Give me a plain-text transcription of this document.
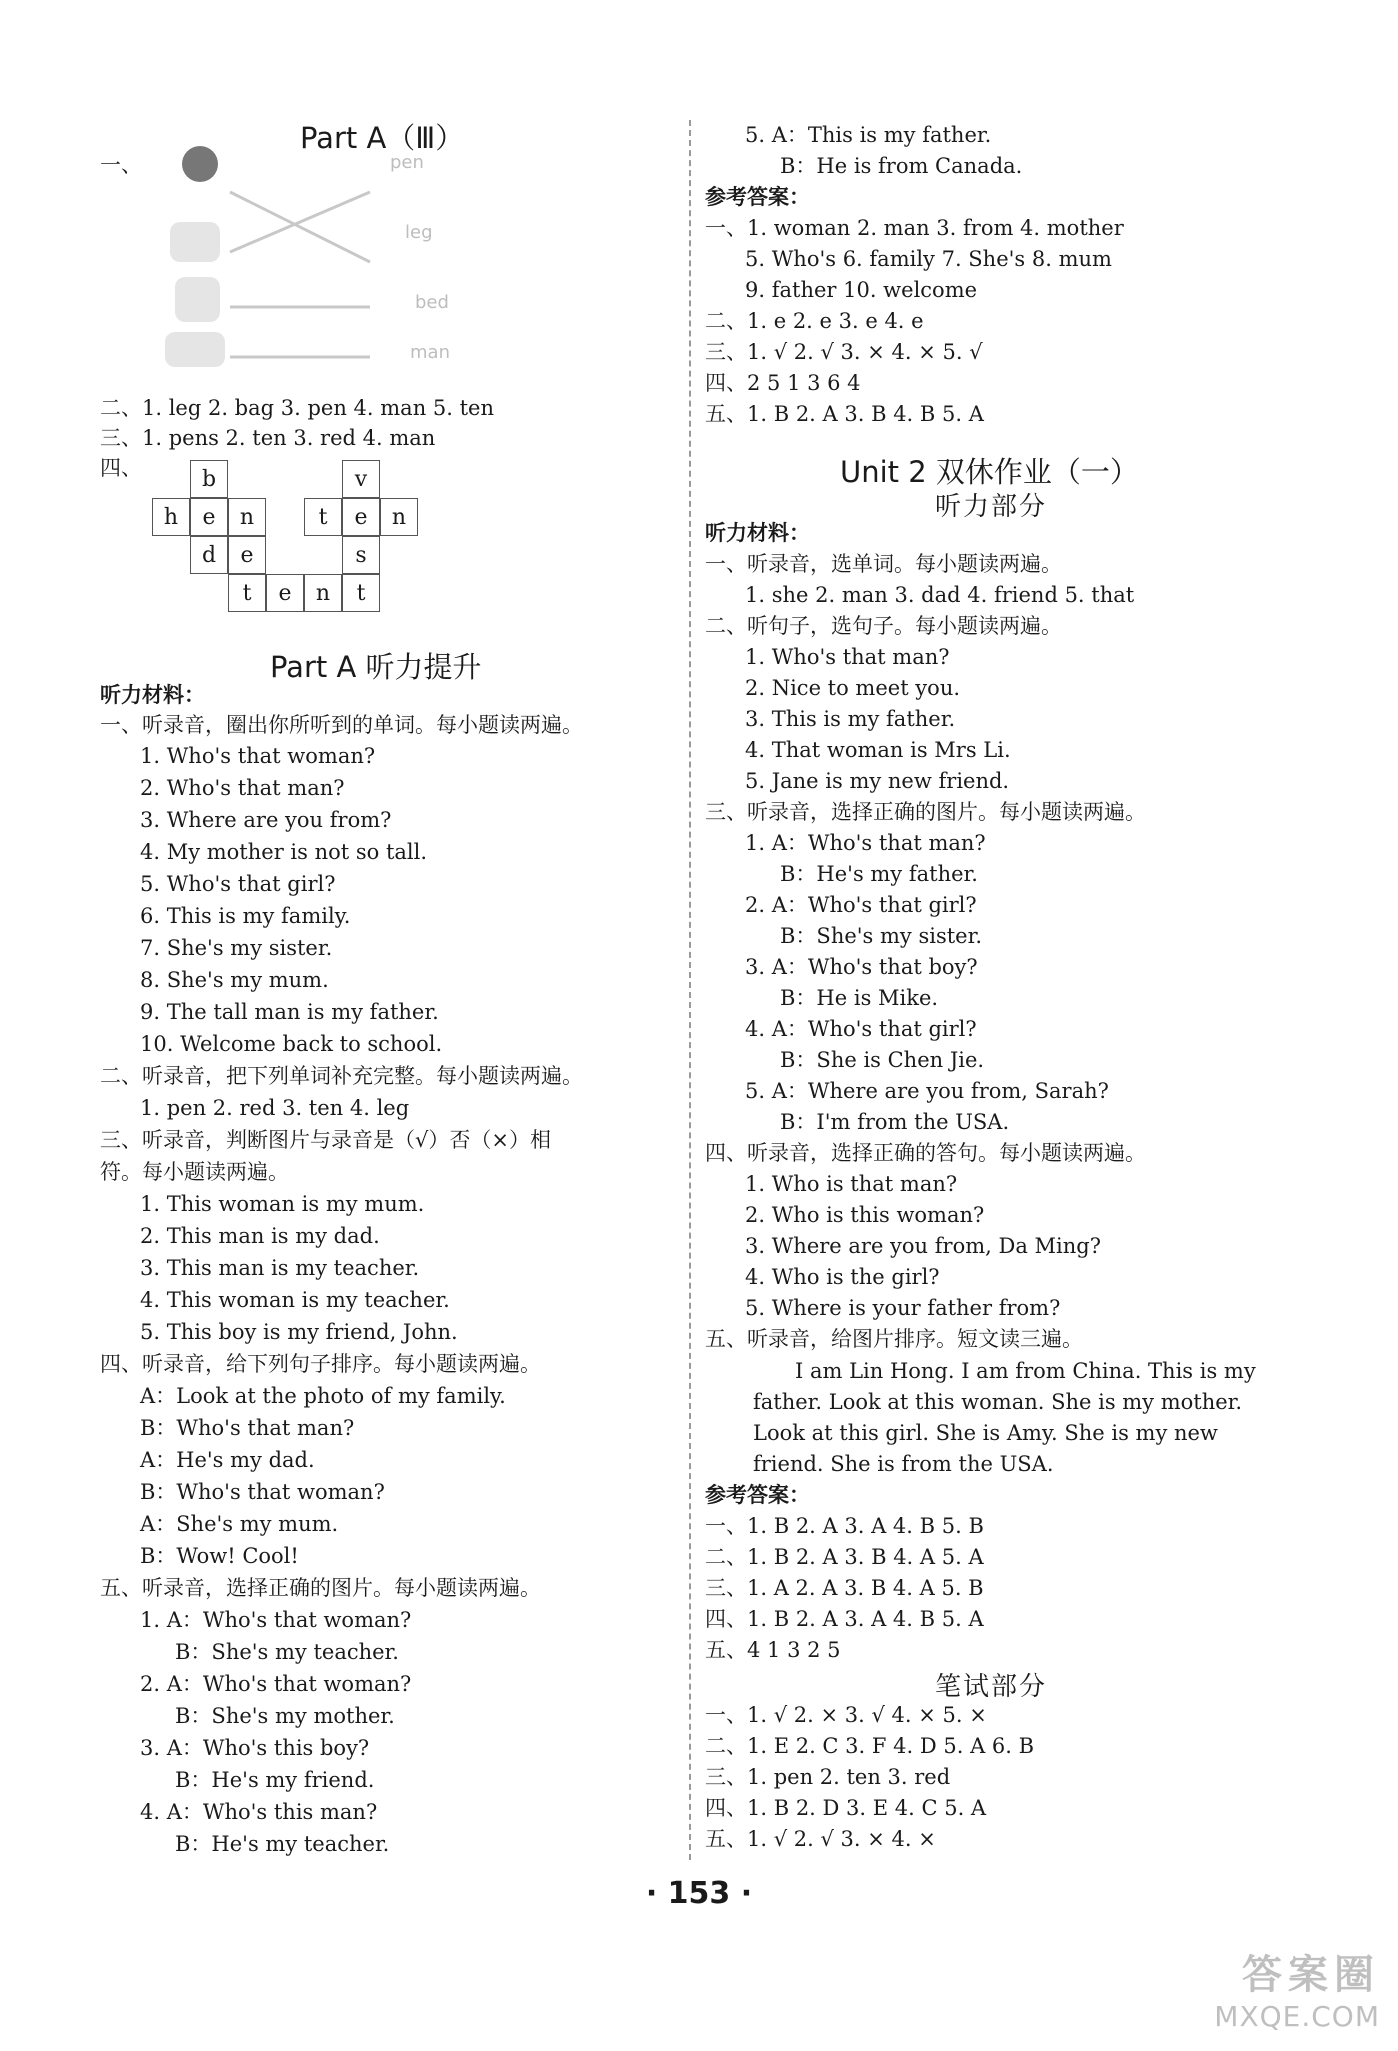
Part A（Ⅲ）
一、	pen
leg
bed
man
二、1. leg 2. bag 3. pen 4. man 5. ten
三、1. pens 2. ten 3. red 4. man
四、	b
h	e	n
d	e
t	e	n	t
v
t	e	n
s
Part A 听力提升
听力材料：
一、听录音，圈出你所听到的单词。每小题读两遍。
1. Who's that woman?
2. Who's that man?
3. Where are you from?
4. My mother is not so tall.
5. Who's that girl?
6. This is my family.
7. She's my sister.
8. She's my mum.
9. The tall man is my father.
10. Welcome back to school.
二、听录音，把下列单词补充完整。每小题读两遍。
1. pen 2. red 3. ten 4. leg
三、听录音，判断图片与录音是（√）否（×）相
符。每小题读两遍。
1. This woman is my mum.
2. This man is my dad.
3. This man is my teacher.
4. This woman is my teacher.
5. This boy is my friend, John.
四、听录音，给下列句子排序。每小题读两遍。
A：Look at the photo of my family.
B：Who's that man?
A：He's my dad.
B：Who's that woman?
A：She's my mum.
B：Wow! Cool!
五、听录音，选择正确的图片。每小题读两遍。
1. A：Who's that woman?
B：She's my teacher.
2. A：Who's that woman?
B：She's my mother.
3. A：Who's this boy?
B：He's my friend.
4. A：Who's this man?
B：He's my teacher.
5. A：This is my father.
B：He is from Canada.
参考答案：
一、1. woman 2. man 3. from 4. mother
5. Who's 6. family 7. She's 8. mum
9. father 10. welcome
二、1. e 2. e 3. e 4. e
三、1. √ 2. √ 3. × 4. × 5. √
四、2 5 1 3 6 4
五、1. B 2. A 3. B 4. B 5. A
Unit 2 双休作业（一）
听力部分
听力材料：
一、听录音，选单词。每小题读两遍。
1. she 2. man 3. dad 4. friend 5. that
二、听句子，选句子。每小题读两遍。
1. Who's that man?
2. Nice to meet you.
3. This is my father.
4. That woman is Mrs Li.
5. Jane is my new friend.
三、听录音，选择正确的图片。每小题读两遍。
1. A：Who's that man?
B：He's my father.
2. A：Who's that girl?
B：She's my sister.
3. A：Who's that boy?
B：He is Mike.
4. A：Who's that girl?
B：She is Chen Jie.
5. A：Where are you from, Sarah?
B：I'm from the USA.
四、听录音，选择正确的答句。每小题读两遍。
1. Who is that man?
2. Who is this woman?
3. Where are you from, Da Ming?
4. Who is the girl?
5. Where is your father from?
五、听录音，给图片排序。短文读三遍。
I am Lin Hong. I am from China. This is my
father. Look at this woman. She is my mother.
Look at this girl. She is Amy. She is my new
friend. She is from the USA.
参考答案：
一、1. B 2. A 3. A 4. B 5. B
二、1. B 2. A 3. B 4. A 5. A
三、1. A 2. A 3. B 4. A 5. B
四、1. B 2. A 3. A 4. B 5. A
五、4 1 3 2 5
笔试部分
一、1. √ 2. × 3. √ 4. × 5. ×
二、1. E 2. C 3. F 4. D 5. A 6. B
三、1. pen 2. ten 3. red
四、1. B 2. D 3. E 4. C 5. A
五、1. √ 2. √ 3. × 4. ×
· 153 ·
答案圈
MXQE.COM
